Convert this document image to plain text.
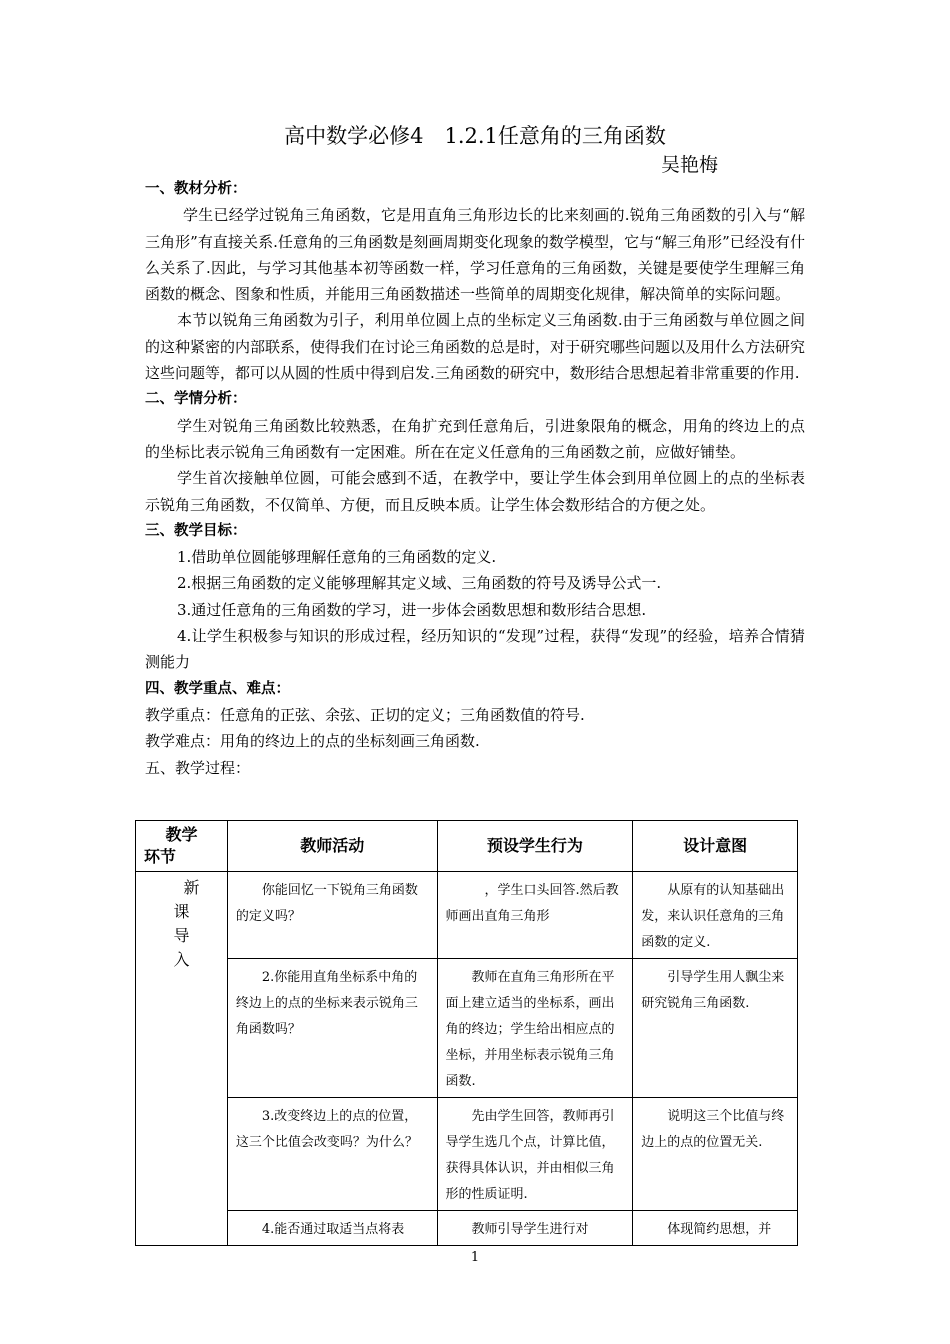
高中数学必修4　1.2.1任意角的三角函数
吴艳梅

一、教材分析：

学生已经学过锐角三角函数，它是用直角三角形边长的比来刻画的.锐角三角函数的引入与“解三角形”有直接关系.任意角的三角函数是刻画周期变化现象的数学模型，它与“解三角形”已经没有什么关系了.因此，与学习其他基本初等函数一样，学习任意角的三角函数，关键是要使学生理解三角函数的概念、图象和性质，并能用三角函数描述一些简单的周期变化规律，解决简单的实际问题。

本节以锐角三角函数为引子，利用单位圆上点的坐标定义三角函数.由于三角函数与单位圆之间的这种紧密的内部联系，使得我们在讨论三角函数的总是时，对于研究哪些问题以及用什么方法研究这些问题等，都可以从圆的性质中得到启发.三角函数的研究中，数形结合思想起着非常重要的作用.

二、学情分析：

学生对锐角三角函数比较熟悉，在角扩充到任意角后，引进象限角的概念，用角的终边上的点的坐标比表示锐角三角函数有一定困难。所在在定义任意角的三角函数之前，应做好铺垫。

学生首次接触单位圆，可能会感到不适，在教学中，要让学生体会到用单位圆上的点的坐标表示锐角三角函数，不仅简单、方便，而且反映本质。让学生体会数形结合的方便之处。

三、教学目标：

1.借助单位圆能够理解任意角的三角函数的定义.

2.根据三角函数的定义能够理解其定义域、三角函数的符号及诱导公式一.

3.通过任意角的三角函数的学习，进一步体会函数思想和数形结合思想.

4.让学生积极参与知识的形成过程，经历知识的“发现”过程，获得“发现”的经验，培养合情猜测能力

四、教学重点、难点：

教学重点：任意角的正弦、余弦、正切的定义；三角函数值的符号.

教学难点：用角的终边上的点的坐标刻画三角函数.

五、教学过程：

教学
环节	教师活动	预设学生行为	设计意图

新
课
导
入	　　你能回忆一下锐角三角函数的定义吗？	　　　，学生口头回答.然后教师画出直角三角形	　　从原有的认知基础出发，来认识任意角的三角函数的定义.
	　　2.你能用直角坐标系中角的终边上的点的坐标来表示锐角三角函数吗？	　　教师在直角三角形所在平面上建立适当的坐标系，画出角的终边；学生给出相应点的坐标，并用坐标表示锐角三角函数.	　　引导学生用人飘尘来研究锐角三角函数.
	　　3.改变终边上的点的位置，这三个比值会改变吗？为什么？	　　先由学生回答，教师再引导学生选几个点，计算比值，获得具体认识，并由相似三角形的性质证明.	　　说明这三个比值与终边上的点的位置无关.
	　　4.能否通过取适当点将表	　　教师引导学生进行对	　　体现简约思想，并
1
